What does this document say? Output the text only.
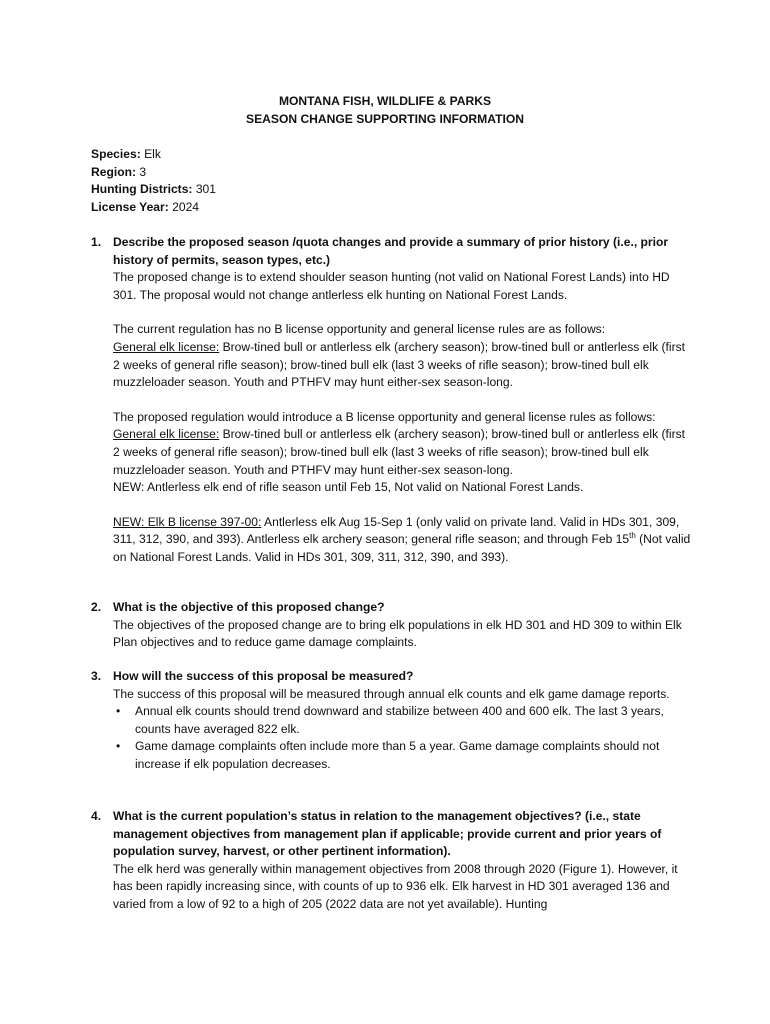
MONTANA FISH, WILDLIFE & PARKS
SEASON CHANGE SUPPORTING INFORMATION
Species: Elk
Region: 3
Hunting Districts: 301
License Year: 2024
1. Describe the proposed season /quota changes and provide a summary of prior history (i.e., prior history of permits, season types, etc.)

The proposed change is to extend shoulder season hunting (not valid on National Forest Lands) into HD 301. The proposal would not change antlerless elk hunting on National Forest Lands.

The current regulation has no B license opportunity and general license rules are as follows:

General elk license: Brow-tined bull or antlerless elk (archery season); brow-tined bull or antlerless elk (first 2 weeks of general rifle season); brow-tined bull elk (last 3 weeks of rifle season); brow-tined bull elk muzzleloader season. Youth and PTHFV may hunt either-sex season-long.

The proposed regulation would introduce a B license opportunity and general license rules as follows:

General elk license: Brow-tined bull or antlerless elk (archery season); brow-tined bull or antlerless elk (first 2 weeks of general rifle season); brow-tined bull elk (last 3 weeks of rifle season); brow-tined bull elk muzzleloader season. Youth and PTHFV may hunt either-sex season-long.

NEW: Antlerless elk end of rifle season until Feb 15, Not valid on National Forest Lands.

NEW: Elk B license 397-00: Antlerless elk Aug 15-Sep 1 (only valid on private land. Valid in HDs 301, 309, 311, 312, 390, and 393). Antlerless elk archery season; general rifle season; and through Feb 15th (Not valid on National Forest Lands. Valid in HDs 301, 309, 311, 312, 390, and 393).

2. What is the objective of this proposed change?

The objectives of the proposed change are to bring elk populations in elk HD 301 and HD 309 to within Elk Plan objectives and to reduce game damage complaints.

3. How will the success of this proposal be measured?

The success of this proposal will be measured through annual elk counts and elk game damage reports.

• Annual elk counts should trend downward and stabilize between 400 and 600 elk. The last 3 years, counts have averaged 822 elk.
• Game damage complaints often include more than 5 a year. Game damage complaints should not increase if elk population decreases.
4. What is the current population’s status in relation to the management objectives? (i.e., state management objectives from management plan if applicable; provide current and prior years of population survey, harvest, or other pertinent information).

The elk herd was generally within management objectives from 2008 through 2020 (Figure 1). However, it has been rapidly increasing since, with counts of up to 936 elk. Elk harvest in HD 301 averaged 136 and varied from a low of 92 to a high of 205 (2022 data are not yet available). Hunting
